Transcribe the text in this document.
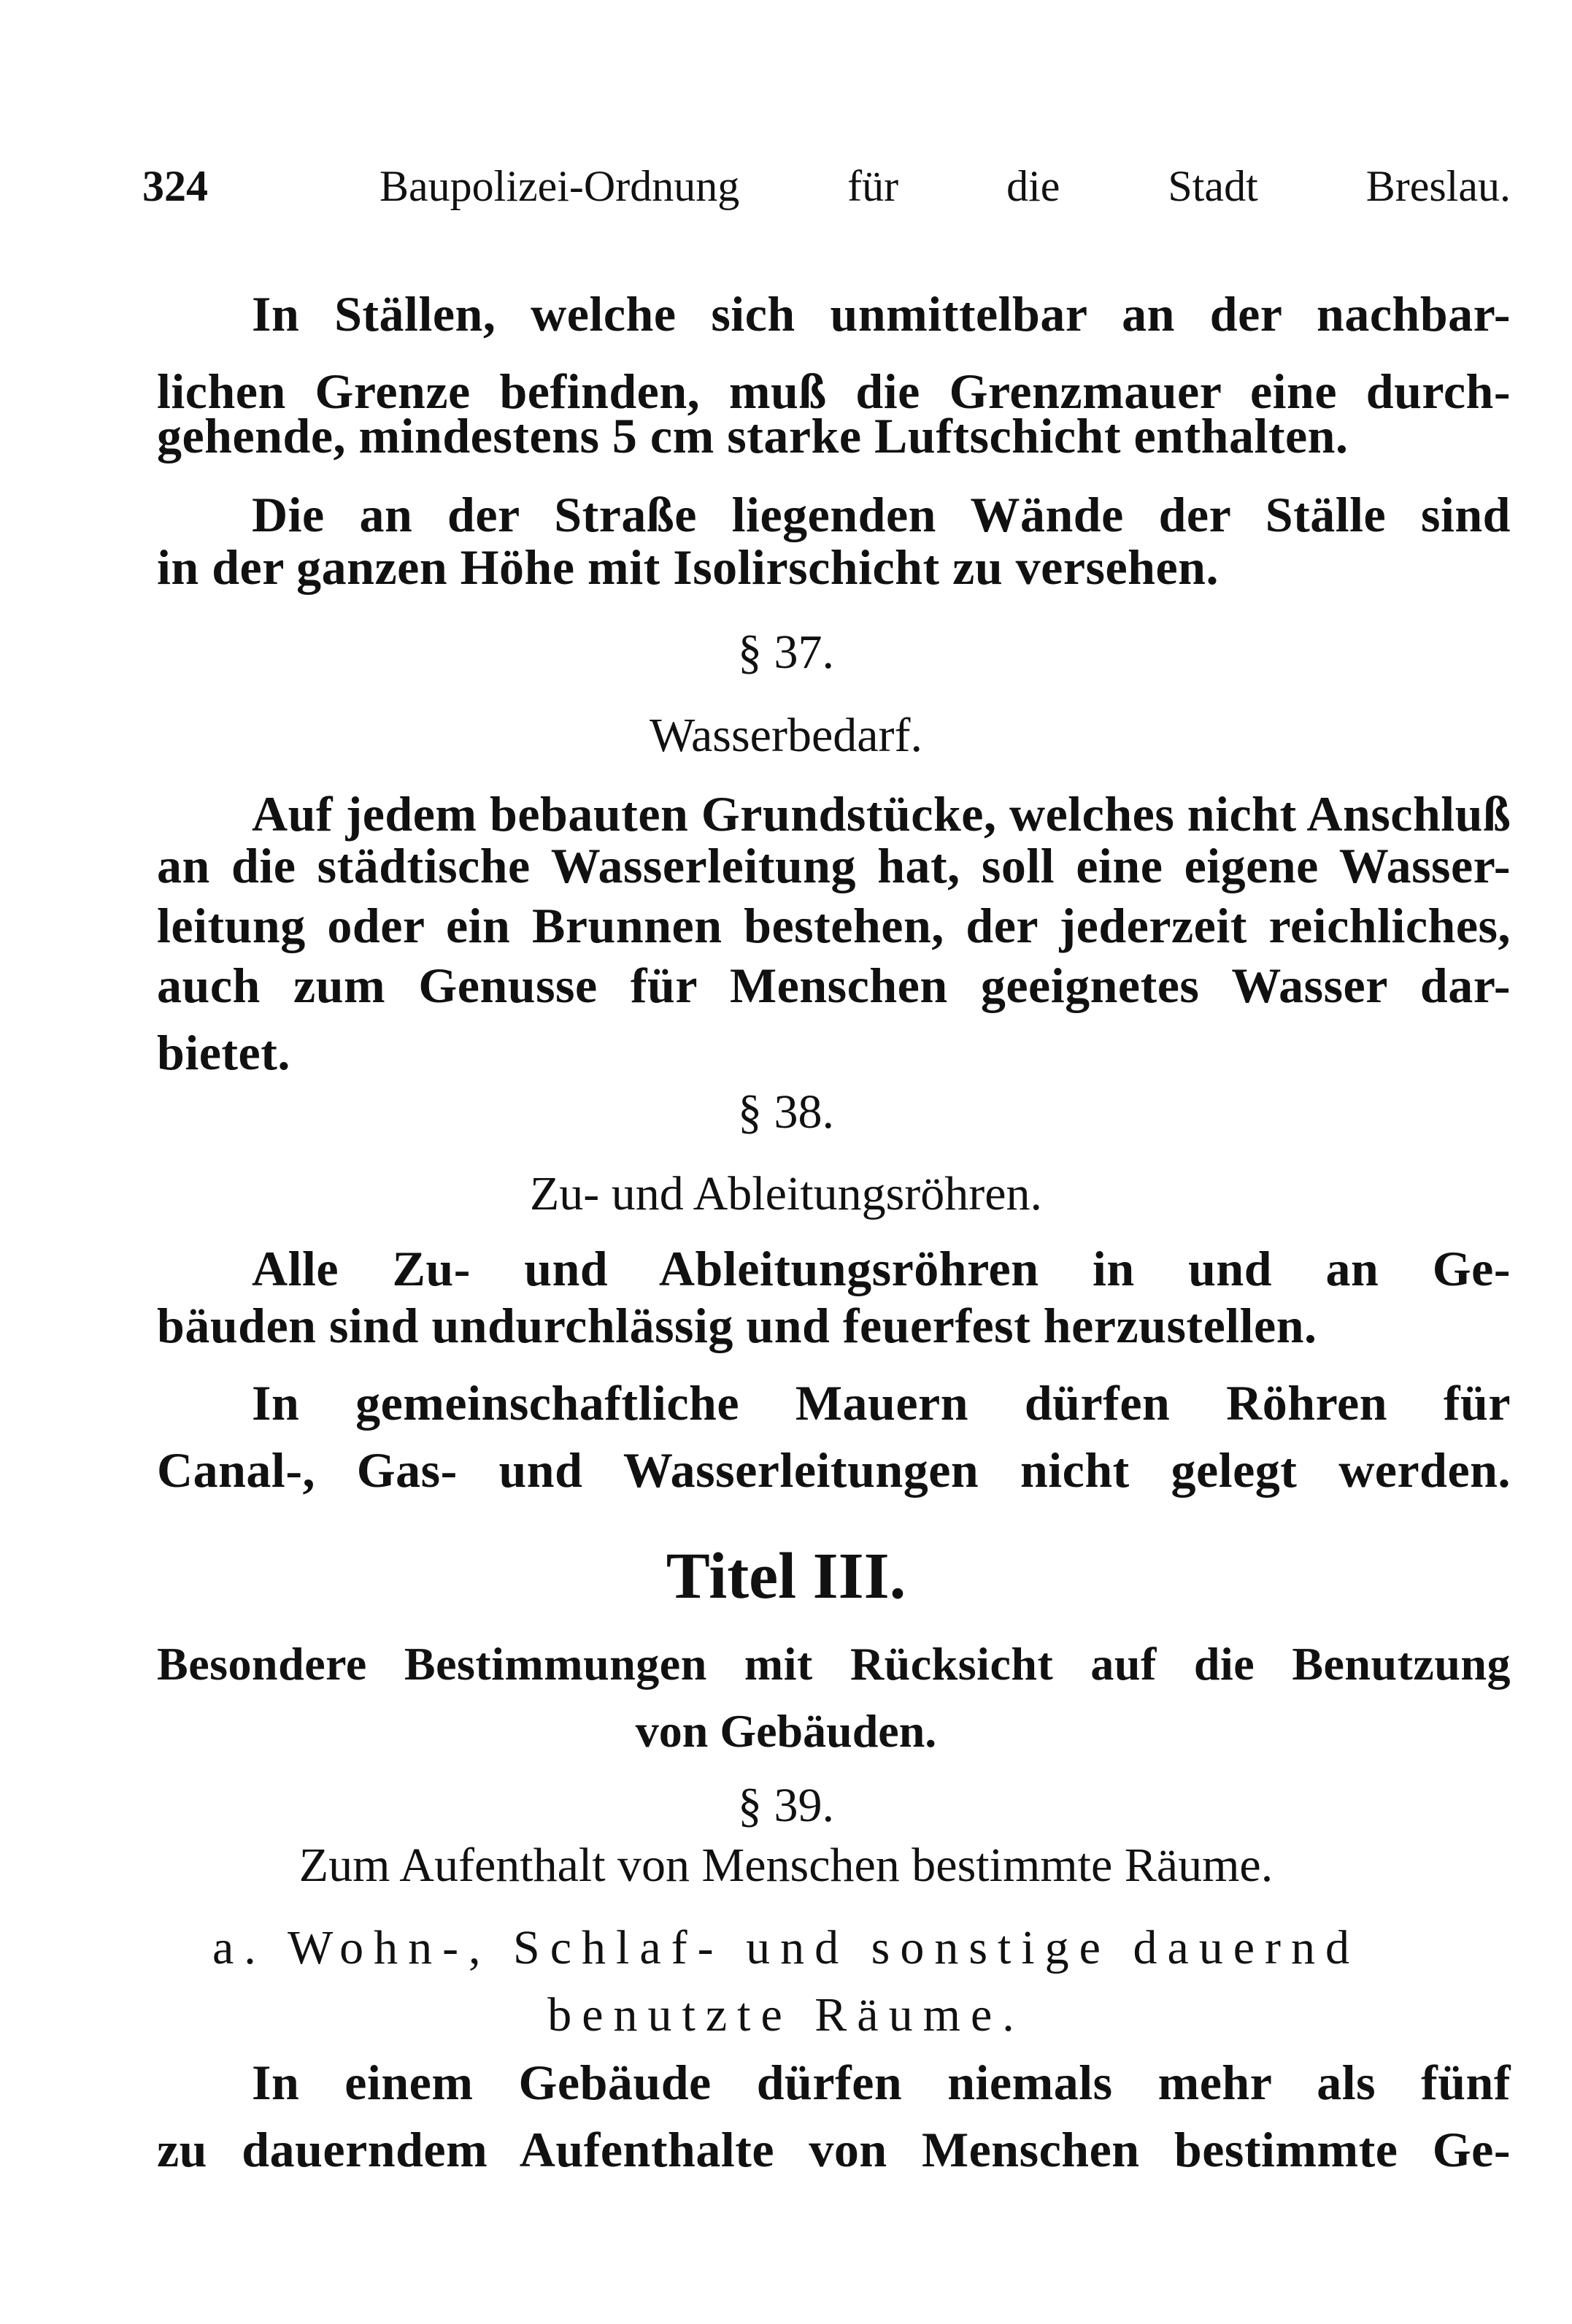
324	Baupolizei-Ordnung für die Stadt Breslau.
In Ställen, welche sich unmittelbar an der nachbar-
lichen Grenze befinden, muß die Grenzmauer eine durch-
gehende, mindestens 5 cm starke Luftschicht enthalten.
Die an der Straße liegenden Wände der Ställe sind
in der ganzen Höhe mit Isolirschicht zu versehen.
§ 37.
Wasserbedarf.
Auf jedem bebauten Grundstücke, welches nicht Anschluß
an die städtische Wasserleitung hat, soll eine eigene Wasser-
leitung oder ein Brunnen bestehen, der jederzeit reichliches,
auch zum Genusse für Menschen geeignetes Wasser dar-
bietet.
§ 38.
Zu- und Ableitungsröhren.
Alle Zu- und Ableitungsröhren in und an Ge-
bäuden sind undurchlässig und feuerfest herzustellen.
In gemeinschaftliche Mauern dürfen Röhren für
Canal-, Gas- und Wasserleitungen nicht gelegt werden.
Titel III.
Besondere Bestimmungen mit Rücksicht auf die Benutzung
von Gebäuden.
§ 39.
Zum Aufenthalt von Menschen bestimmte Räume.
a. Wohn-, Schlaf- und sonstige dauernd
benutzte Räume.
In einem Gebäude dürfen niemals mehr als fünf
zu dauerndem Aufenthalte von Menschen bestimmte Ge-
